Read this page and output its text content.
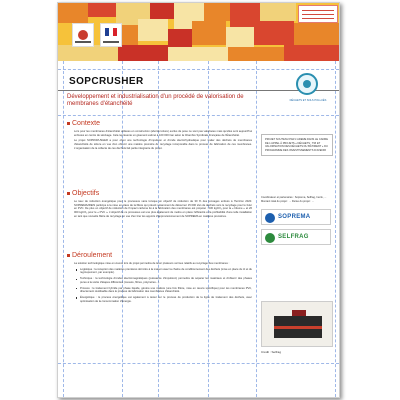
SOPCRUSHER
Développement et industrialisation d'un procédé de valorisation de membranes d'étanchéité
DÉCHETS ET SOLS POLLUÉS
Contexte

Lors pour les membranes d'étanchéité utilisées en construction (abords toiture) exclus de pose ne sont pas valorisées mais qu'elles sont aujourd'hui enfouies en centre de stockage. Cela représente un gisement estimé à 100 000 t/an selon la Chambre Syndicale Française de l'Étanchéité.

Le projet SOPRCRUSHER a pour objet une technologie d'impulsion et d'onde électrohydraulique pour traiter des déchets de membranes d'étanchéité de toiture en vue d'en obtenir une matière première de recyclage incorporable dans le process de fabrication de ces membranes. L'organisation de la collecte de ces déchets fait partie intégrante du projet.

Objectifs

Le taux de réduction énergétique pour le processus varie lorsque un objectif de réduction de 30 % des tonnages enfouis à l'horizon 2020. SOPREMA/IREIS participe à la mise en place de la filière qui prévoit notamment de détourner 15 000 t/an de déchets vers le recyclage pour le futur en PVC. De plus un objectif de réduction de l'impact carbone lié à la fabrication des membranes est proposé : 230 kgCO₂ pour la « bitume » et 26 000 kgCO₂ pour le « PVC ». L'objectif de ce processus est une plus également de mettre en place l'efficacité et la profitabilité d'une telle installation en tant que nouvelle filière de recyclage en vue d'en tirer les apports d'approvisionnement de SOPREMA en matières premières.

Déroulement

La solution technologique mise en œuvre lors du projet permettra de lever plusieurs verrous relatifs au recyclage des membranes :

Logistique : la réception des matières premières doit être à la maison avec la chaîne de conditionnement des déchets (mise en place du tri et du regroupement, par exemple).
Technique : la technologie d'ondes électromagnétiques (puissance d'impulsion) permettra de séparer les matériaux et d'obtenir des phases pures à la sortie d'étapes différentes (mesure, fibres, polymères...).
Process : le traitement hybride par phase liquide, génère une matière (une fois filtrée, mise en œuvre spécifique) pour les membranes PVC, directement réutilisable dans le process de fabrication des membranes d'étanchéité.
Énergétique : le process énergétique est également à tester sur le process de production de la ligne de traitement des déchets, avec optimisation de la consommation d'énergie.
PROJET SOUTENU PAR L'ADEME DANS LE CADRE DE L'APPEL À PROJETS « DÉCHETS : TRI ET VALORISATION DES DÉCHETS DU BÂTIMENT » DU PROGRAMME DES INVESTISSEMENTS D'AVENIR
Coordinateur et partenaires : Soprema, Selfrag, Ineris, ... Montant total du projet : ... Durée du projet : ...
SOPREMA
SELFRAG
Crédit : Selfrag
